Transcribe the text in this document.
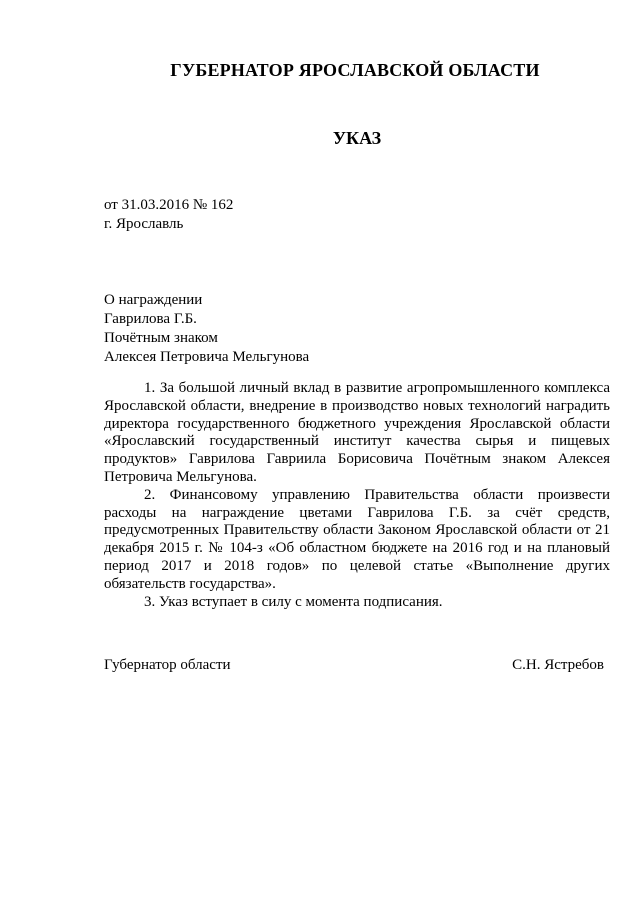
ГУБЕРНАТОР ЯРОСЛАВСКОЙ ОБЛАСТИ
УКАЗ
от 31.03.2016 № 162
г. Ярославль
О награждении
Гаврилова Г.Б.
Почётным знаком
Алексея Петровича Мельгунова

1. За большой личный вклад в развитие агропромышленного комплекса Ярославской области, внедрение в производство новых технологий наградить директора государственного бюджетного учреждения Ярославской области «Ярославский государственный институт качества сырья и пищевых продуктов» Гаврилова Гавриила Борисовича Почётным знаком Алексея Петровича Мельгунова.

2. Финансовому управлению Правительства области произвести расходы на награждение цветами Гаврилова Г.Б. за счёт средств, предусмотренных Правительству области Законом Ярославской области от 21 декабря 2015 г. № 104-з «Об областном бюджете на 2016 год и на плановый период 2017 и 2018 годов» по целевой статье «Выполнение других обязательств государства».

3. Указ вступает в силу с момента подписания.

Губернатор области	С.Н. Ястребов
